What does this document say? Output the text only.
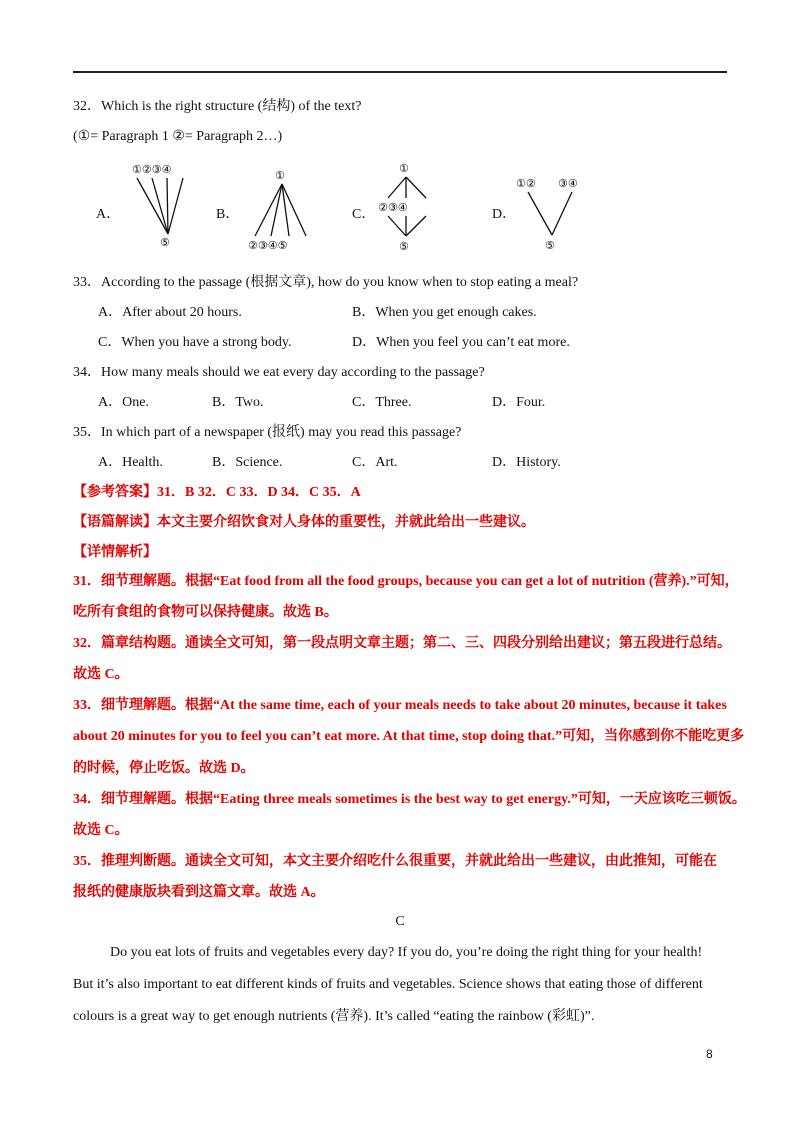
32．Which is the right structure (结构) of the text?
(①= Paragraph 1 ②= Paragraph 2…)
A．
①②③④
⑤
B．
①
②③④⑤
C．
①
②③④
⑤
D．
①② ③④
⑤
33．According to the passage (根据文章), how do you know when to stop eating a meal?
A．After about 20 hours.	B．When you get enough cakes.
C．When you have a strong body.	D．When you feel you can’t eat more.
34．How many meals should we eat every day according to the passage?
A．One.	B．Two.	C．Three.	D．Four.
35．In which part of a newspaper (报纸) may you read this passage?
A．Health.	B．Science.	C．Art.	D．History.
【参考答案】31．B 32．C 33．D 34．C 35．A
【语篇解读】本文主要介绍饮食对人身体的重要性，并就此给出一些建议。
【详情解析】
31．细节理解题。根据“Eat food from all the food groups, because you can get a lot of nutrition (营养).”可知，
吃所有食组的食物可以保持健康。故选 B。
32．篇章结构题。通读全文可知，第一段点明文章主题；第二、三、四段分别给出建议；第五段进行总结。
故选 C。
33．细节理解题。根据“At the same time, each of your meals needs to take about 20 minutes, because it takes
about 20 minutes for you to feel you can’t eat more. At that time, stop doing that.”可知，当你感到你不能吃更多
的时候，停止吃饭。故选 D。
34．细节理解题。根据“Eating three meals sometimes is the best way to get energy.”可知，一天应该吃三顿饭。
故选 C。
35．推理判断题。通读全文可知，本文主要介绍吃什么很重要，并就此给出一些建议，由此推知，可能在
报纸的健康版块看到这篇文章。故选 A。
C
Do you eat lots of fruits and vegetables every day? If you do, you’re doing the right thing for your health!
But it’s also important to eat different kinds of fruits and vegetables. Science shows that eating those of different
colours is a great way to get enough nutrients (营养). It’s called “eating the rainbow (彩虹)”.
8
